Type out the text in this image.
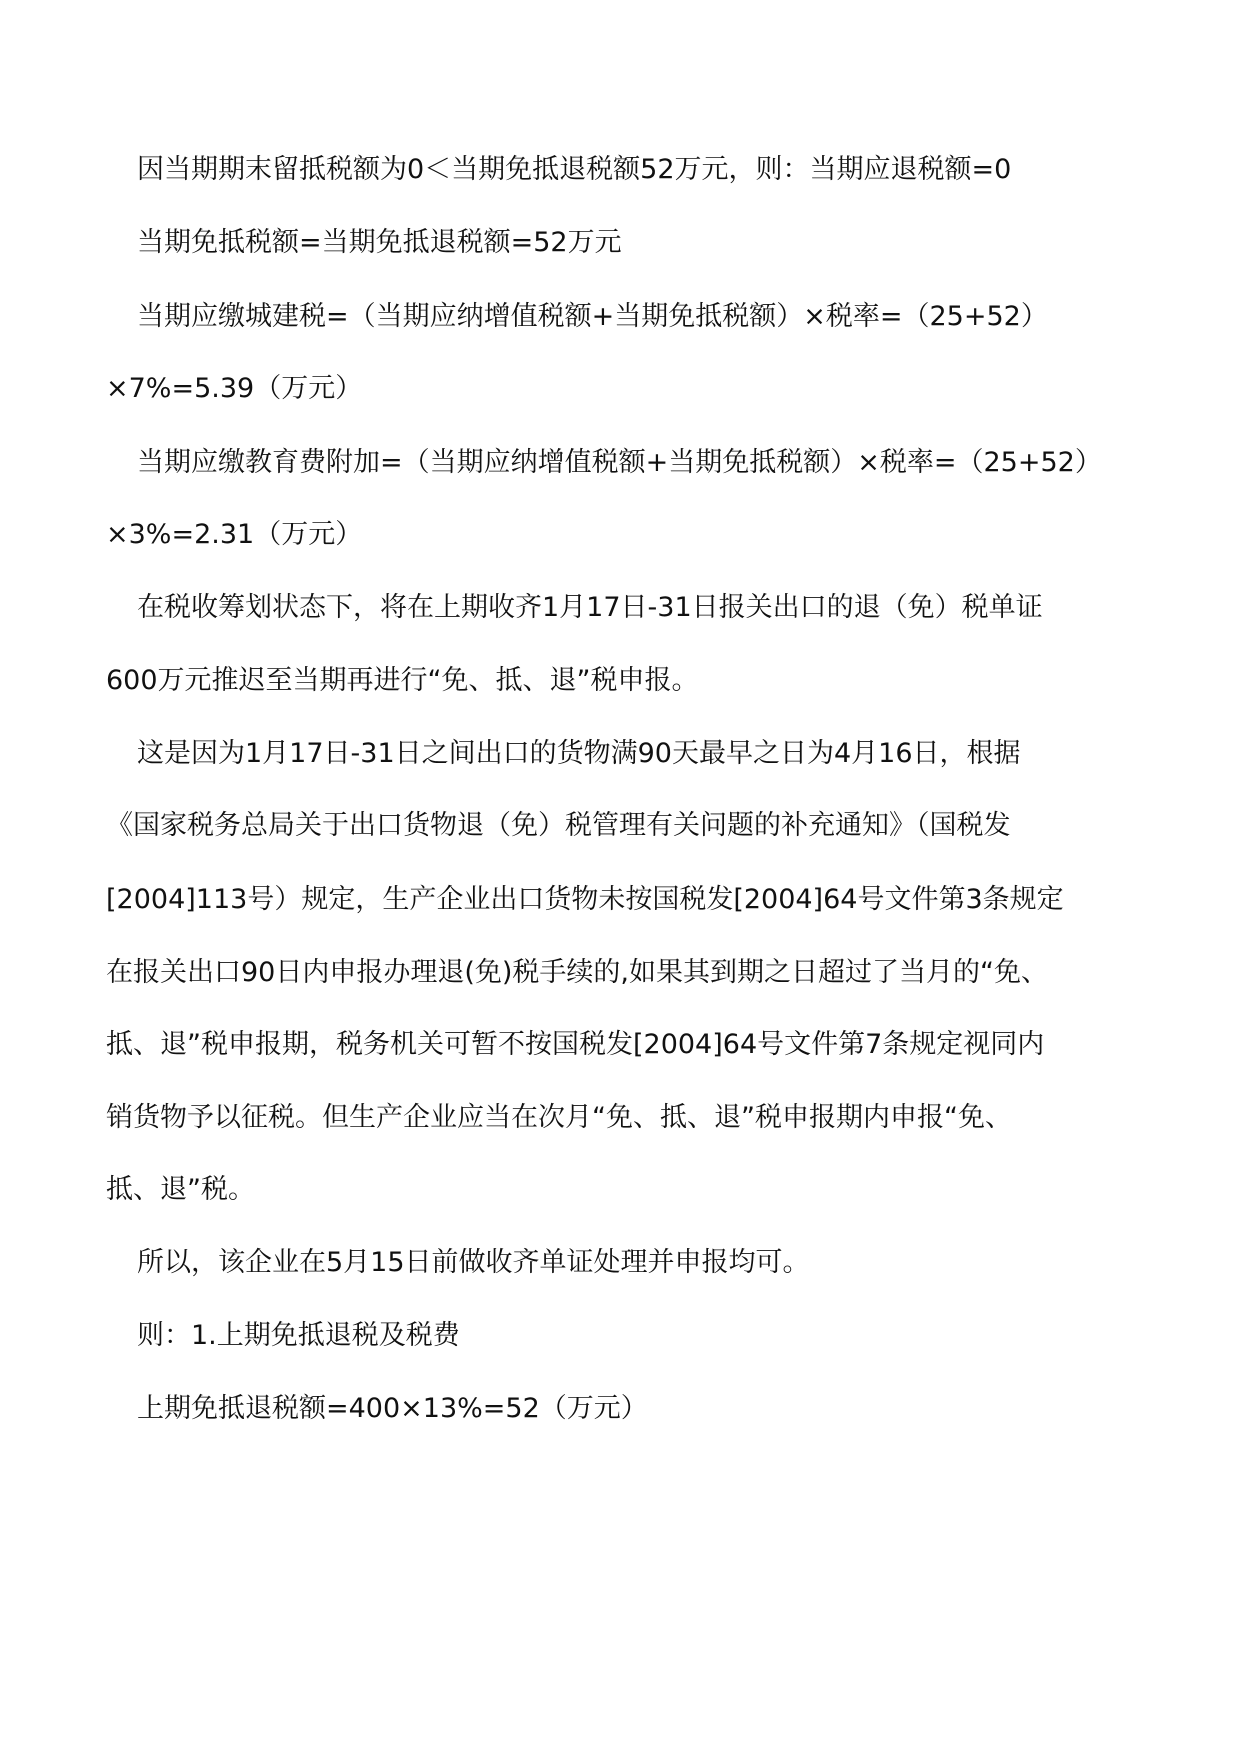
因当期期末留抵税额为0＜当期免抵退税额52万元，则：当期应退税额=0
当期免抵税额=当期免抵退税额=52万元
当期应缴城建税=（当期应纳增值税额+当期免抵税额）×税率=（25+52）
×7%=5.39（万元）
当期应缴教育费附加=（当期应纳增值税额+当期免抵税额）×税率=（25+52）
×3%=2.31（万元）
在税收筹划状态下，将在上期收齐1月17日-31日报关出口的退（免）税单证
600万元推迟至当期再进行“免、抵、退”税申报。
这是因为1月17日-31日之间出口的货物满90天最早之日为4月16日，根据
《国家税务总局关于出口货物退（免）税管理有关问题的补充通知》（国税发
[2004]113号）规定，生产企业出口货物未按国税发[2004]64号文件第3条规定
在报关出口90日内申报办理退(免)税手续的,如果其到期之日超过了当月的“免、
抵、退”税申报期，税务机关可暂不按国税发[2004]64号文件第7条规定视同内
销货物予以征税。但生产企业应当在次月“免、抵、退”税申报期内申报“免、
抵、退”税。
所以，该企业在5月15日前做收齐单证处理并申报均可。
则：1.上期免抵退税及税费
上期免抵退税额=400×13%=52（万元）
